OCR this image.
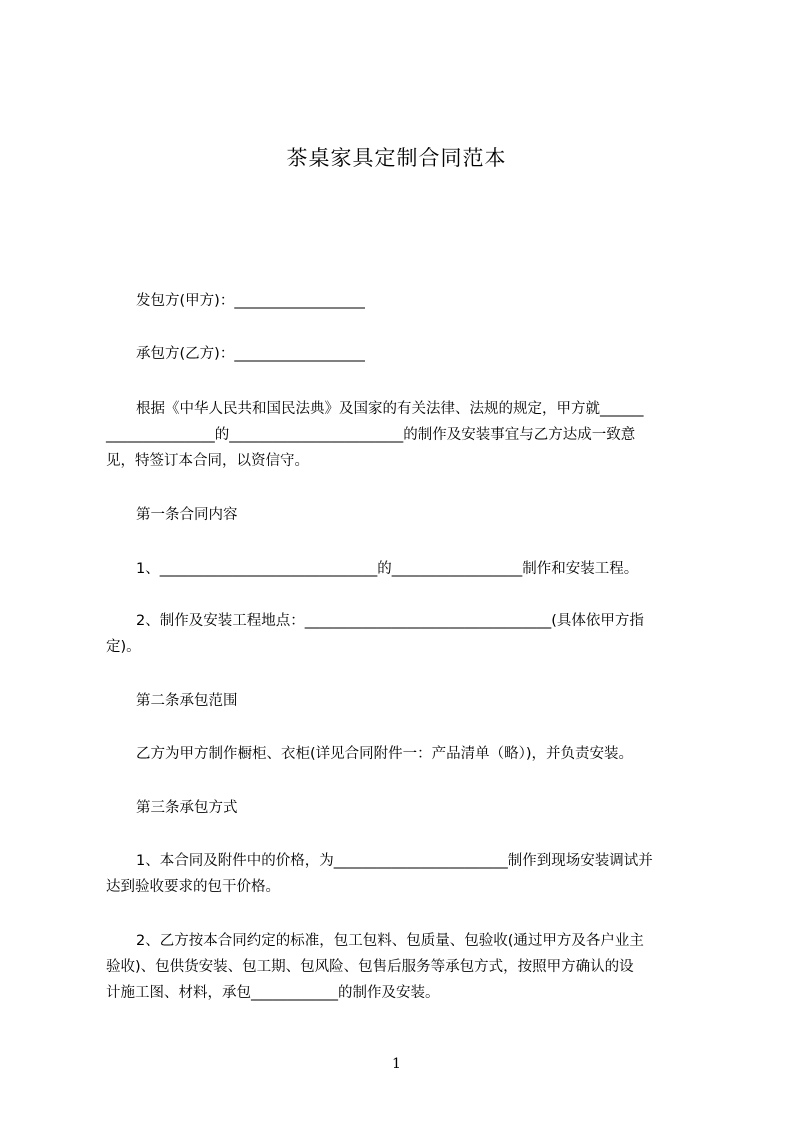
茶桌家具定制合同范本
发包方(甲方)：__________________
承包方(乙方)：__________________
根据《中华人民共和国民法典》及国家的有关法律、法规的规定，甲方就______
_______________的________________________的制作及安装事宜与乙方达成一致意
见，特签订本合同，以资信守。
第一条合同内容
1、______________________________的__________________制作和安装工程。
2、制作及安装工程地点：__________________________________(具体依甲方指
定)。
第二条承包范围
乙方为甲方制作橱柜、衣柜(详见合同附件一：产品清单（略）)，并负责安装。
第三条承包方式
1、本合同及附件中的价格，为________________________制作到现场安装调试并
达到验收要求的包干价格。
2、乙方按本合同约定的标准，包工包料、包质量、包验收(通过甲方及各户业主
验收)、包供货安装、包工期、包风险、包售后服务等承包方式，按照甲方确认的设
计施工图、材料，承包____________的制作及安装。
1
